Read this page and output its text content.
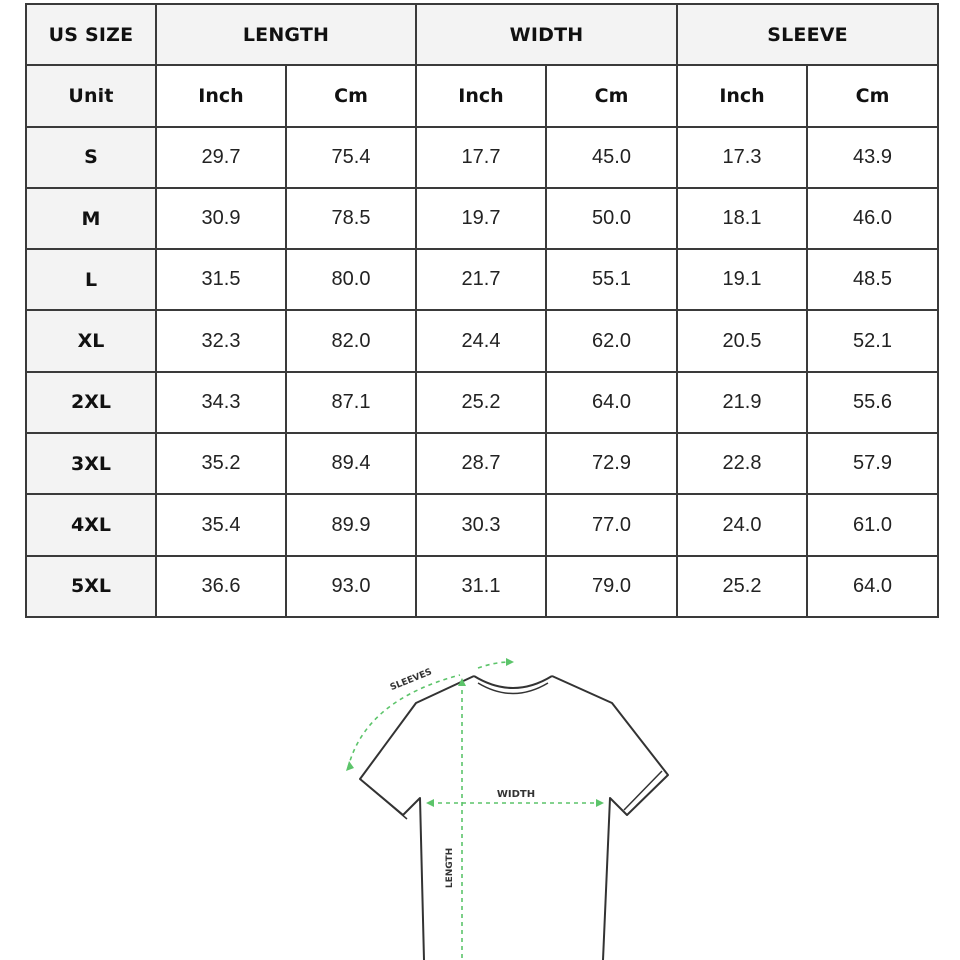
US SIZE	LENGTH		WIDTH		SLEEVE	
Unit	Inch	Cm	Inch	Cm	Inch	Cm
S	29.7	75.4	17.7	45.0	17.3	43.9
M	30.9	78.5	19.7	50.0	18.1	46.0
L	31.5	80.0	21.7	55.1	19.1	48.5
XL	32.3	82.0	24.4	62.0	20.5	52.1
2XL	34.3	87.1	25.2	64.0	21.9	55.6
3XL	35.2	89.4	28.7	72.9	22.8	57.9
4XL	35.4	89.9	30.3	77.0	24.0	61.0
5XL	36.6	93.0	31.1	79.0	25.2	64.0
SLEEVES
WIDTH
LENGTH
